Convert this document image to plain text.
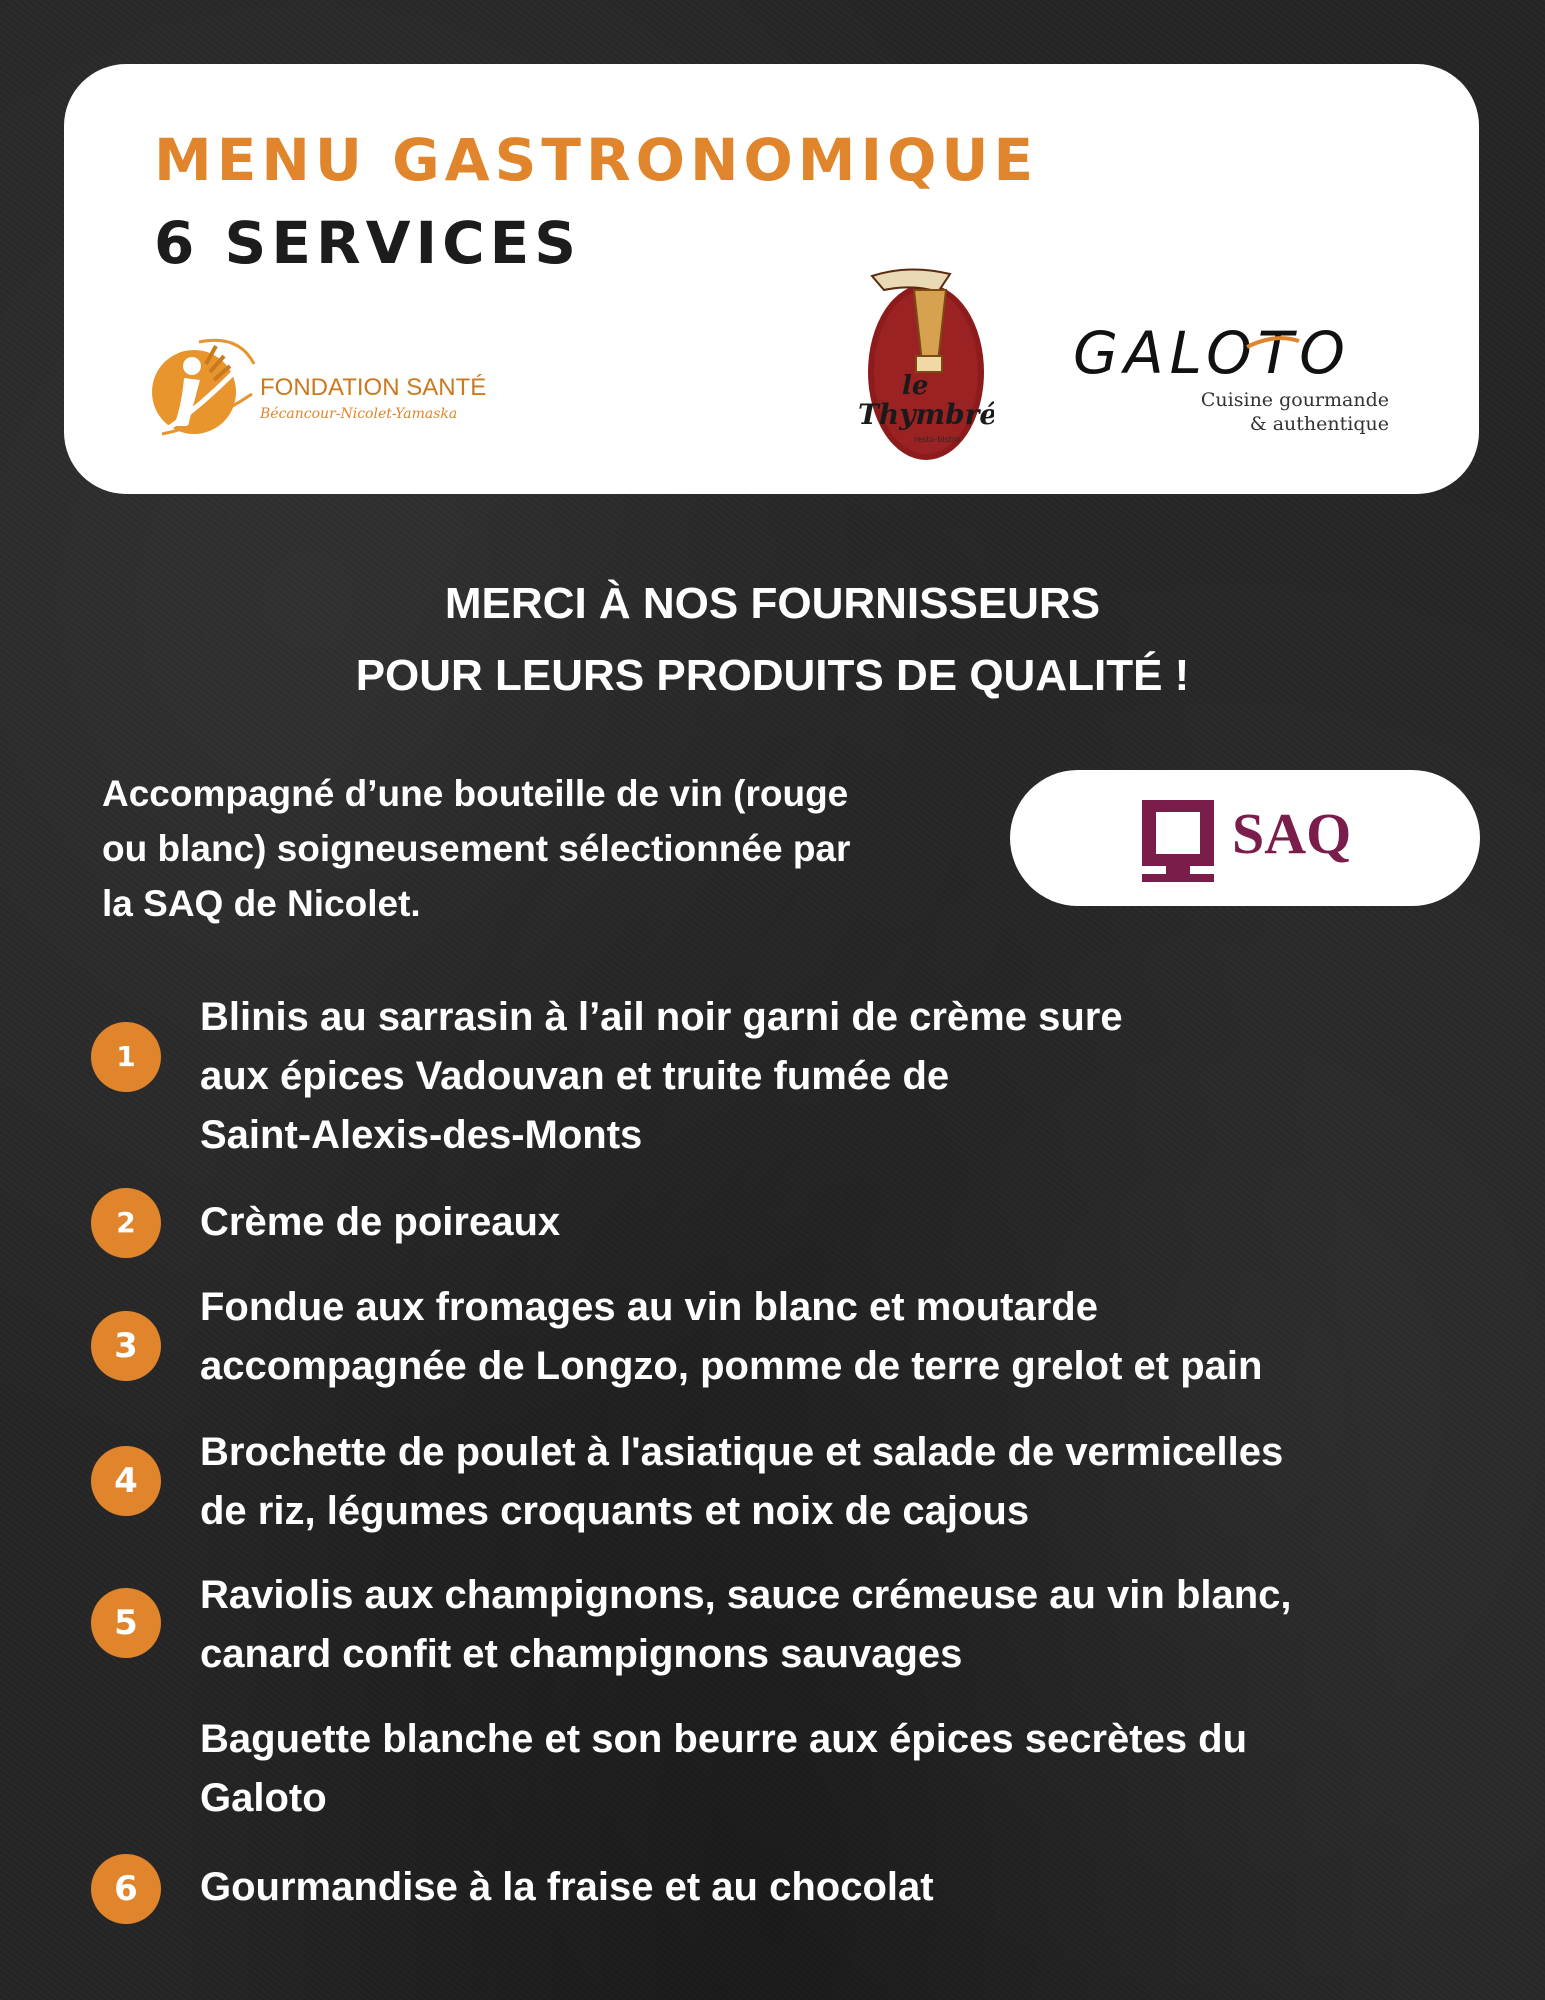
MENU GASTRONOMIQUE
6 SERVICES
FONDATION SANTÉ
Bécancour-Nicolet-Yamaska
le
Thymbré
resto-bistro
GALOTO
Cuisine gourmande
& authentique
MERCI À NOS FOURNISSEURS
POUR LEURS PRODUITS DE QUALITÉ !
Accompagné d’une bouteille de vin (rouge
ou blanc) soigneusement sélectionnée par
la SAQ de Nicolet.
SAQ
1
Blinis au sarrasin à l’ail noir garni de crème sure
aux épices Vadouvan et truite fumée de
Saint-Alexis-des-Monts
2	Crème de poireaux
3
Fondue aux fromages au vin blanc et moutarde
accompagnée de Longzo, pomme de terre grelot et pain
4
Brochette de poulet à l'asiatique et salade de vermicelles
de riz, légumes croquants et noix de cajous
5
Raviolis aux champignons, sauce crémeuse au vin blanc,
canard confit et champignons sauvages
Baguette blanche et son beurre aux épices secrètes du
Galoto
6	Gourmandise à la fraise et au chocolat
